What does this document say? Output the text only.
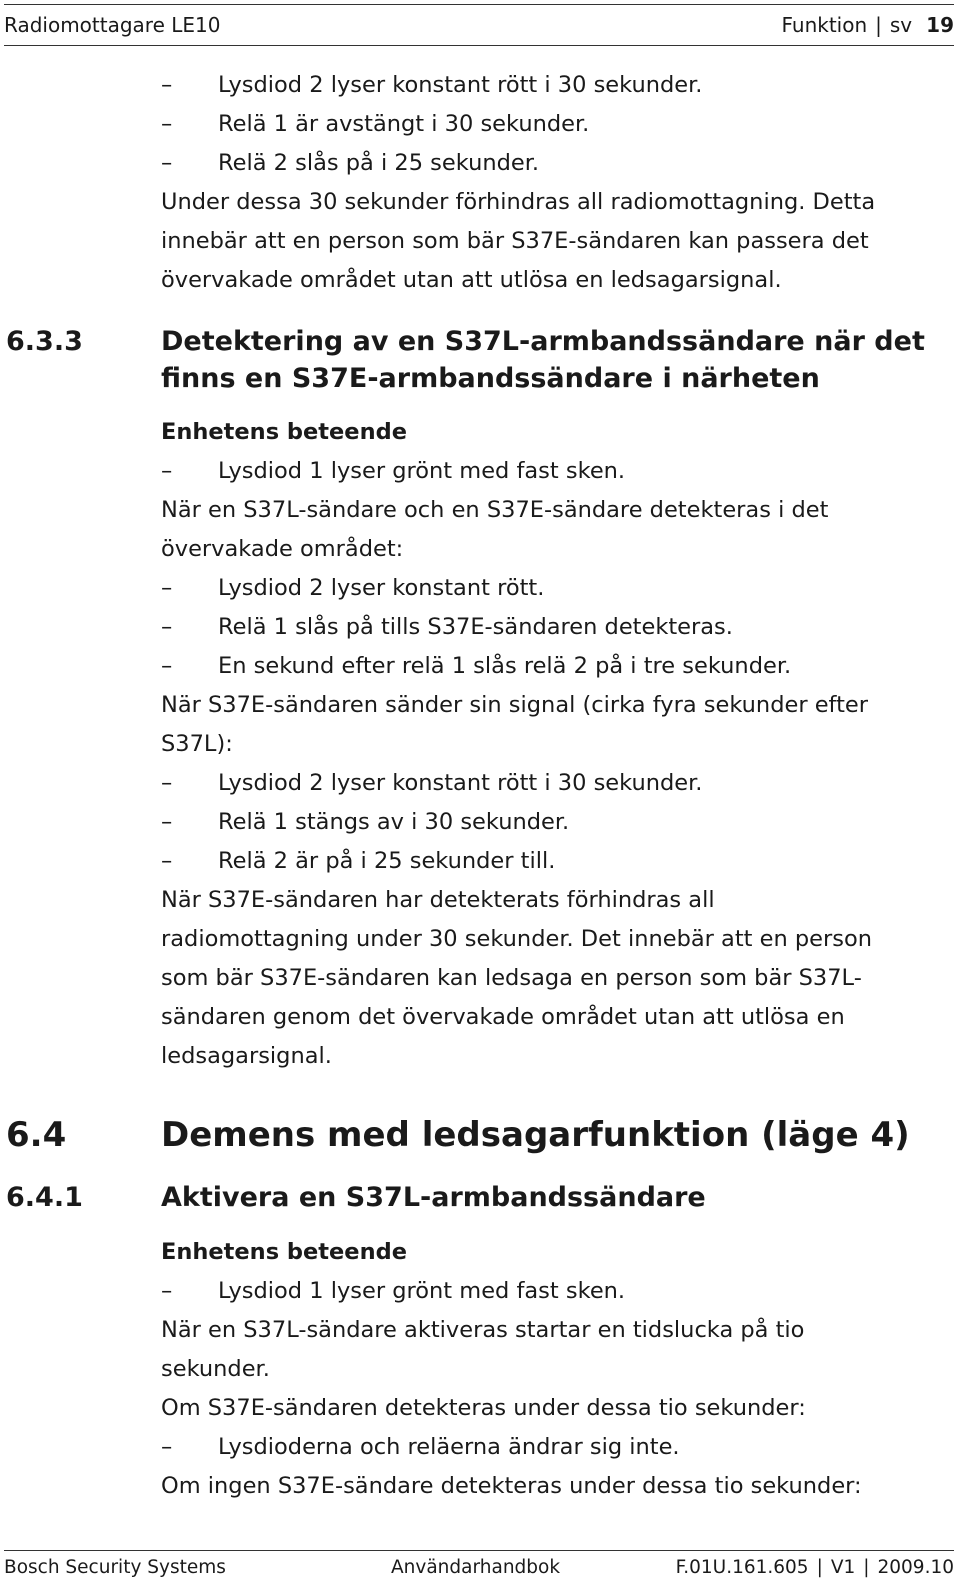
Radiomottagare LE10	Funktion | sv 19
– Lysdiod 2 lyser konstant rött i 30 sekunder.
– Relä 1 är avstängt i 30 sekunder.
– Relä 2 slås på i 25 sekunder.
Under dessa 30 sekunder förhindras all radiomottagning. Detta
innebär att en person som bär S37E-sändaren kan passera det
övervakade området utan att utlösa en ledsagarsignal.
6.3.3	Detektering av en S37L-armbandssändare när det
finns en S37E-armbandssändare i närheten
Enhetens beteende
– Lysdiod 1 lyser grönt med fast sken.
När en S37L-sändare och en S37E-sändare detekteras i det
övervakade området:
– Lysdiod 2 lyser konstant rött.
– Relä 1 slås på tills S37E-sändaren detekteras.
– En sekund efter relä 1 slås relä 2 på i tre sekunder.
När S37E-sändaren sänder sin signal (cirka fyra sekunder efter
S37L):
– Lysdiod 2 lyser konstant rött i 30 sekunder.
– Relä 1 stängs av i 30 sekunder.
– Relä 2 är på i 25 sekunder till.
När S37E-sändaren har detekterats förhindras all
radiomottagning under 30 sekunder. Det innebär att en person
som bär S37E-sändaren kan ledsaga en person som bär S37L-
sändaren genom det övervakade området utan att utlösa en
ledsagarsignal.
6.4	Demens med ledsagarfunktion (läge 4)
6.4.1	Aktivera en S37L-armbandssändare
Enhetens beteende
– Lysdiod 1 lyser grönt med fast sken.
När en S37L-sändare aktiveras startar en tidslucka på tio
sekunder.
Om S37E-sändaren detekteras under dessa tio sekunder:
– Lysdioderna och reläerna ändrar sig inte.
Om ingen S37E-sändare detekteras under dessa tio sekunder:
Bosch Security Systems	Användarhandbok	F.01U.161.605 | V1 | 2009.10
